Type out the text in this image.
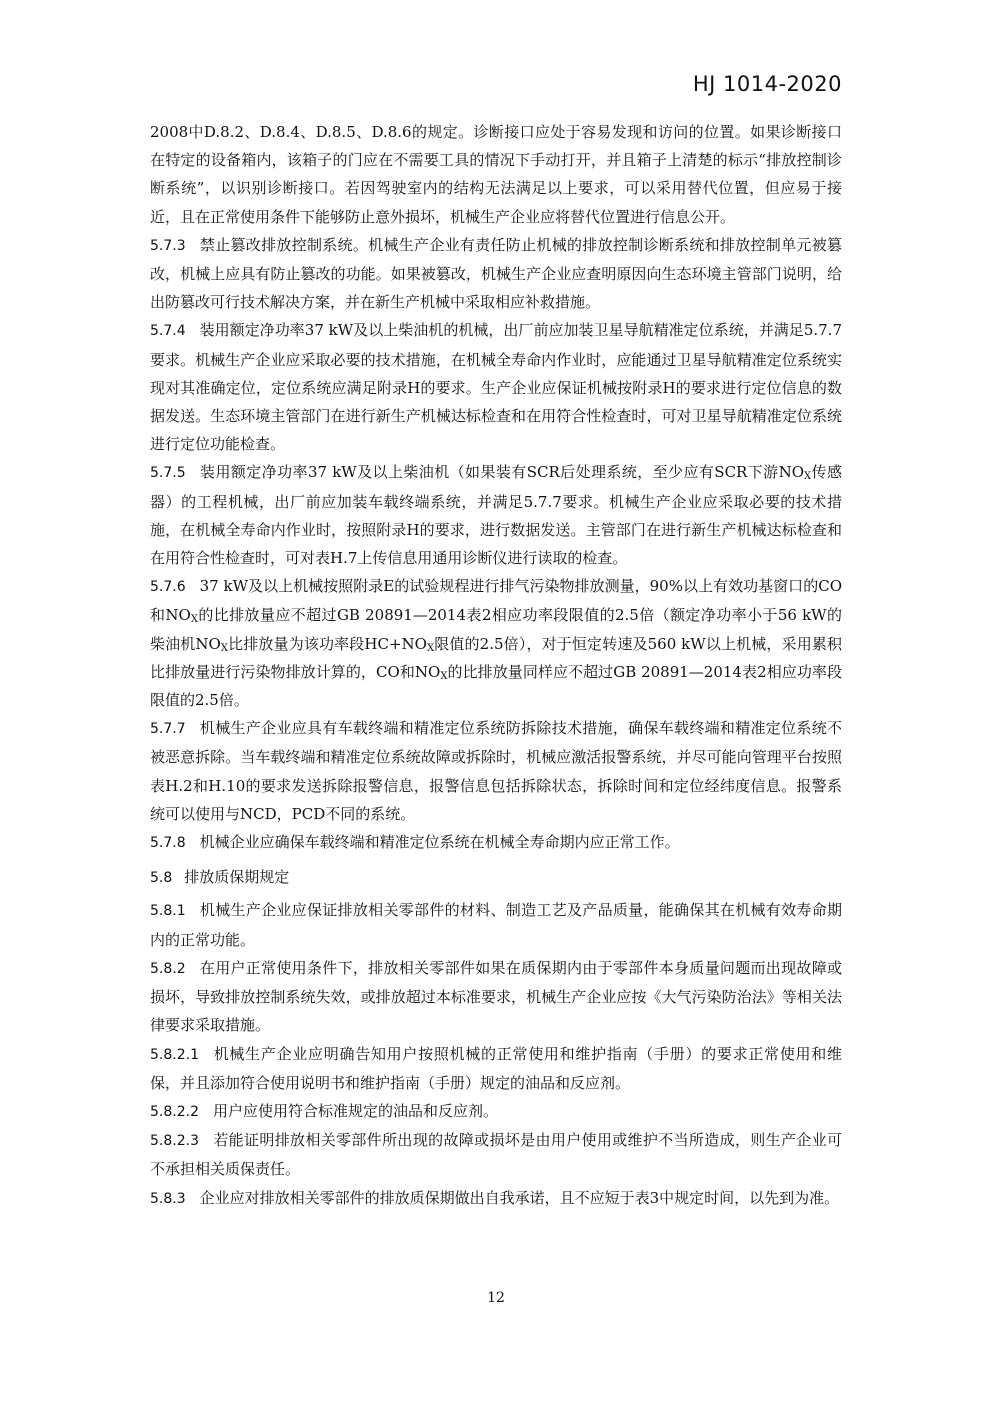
HJ 1014-2020

2008中D.8.2、D.8.4、D.8.5、D.8.6的规定。诊断接口应处于容易发现和访问的位置。如果诊断接口在特定的设备箱内，该箱子的门应在不需要工具的情况下手动打开，并且箱子上清楚的标示“排放控制诊断系统”，以识别诊断接口。若因驾驶室内的结构无法满足以上要求，可以采用替代位置，但应易于接近，且在正常使用条件下能够防止意外损坏，机械生产企业应将替代位置进行信息公开。

5.7.3 禁止篡改排放控制系统。机械生产企业有责任防止机械的排放控制诊断系统和排放控制单元被篡改，机械上应具有防止篡改的功能。如果被篡改，机械生产企业应查明原因向生态环境主管部门说明，给出防篡改可行技术解决方案，并在新生产机械中采取相应补救措施。

5.7.4 装用额定净功率37 kW及以上柴油机的机械，出厂前应加装卫星导航精准定位系统，并满足5.7.7要求。机械生产企业应采取必要的技术措施，在机械全寿命内作业时，应能通过卫星导航精准定位系统实现对其准确定位，定位系统应满足附录H的要求。生产企业应保证机械按附录H的要求进行定位信息的数据发送。生态环境主管部门在进行新生产机械达标检查和在用符合性检查时，可对卫星导航精准定位系统进行定位功能检查。

5.7.5 装用额定净功率37 kW及以上柴油机（如果装有SCR后处理系统，至少应有SCR下游$NO_X$传感器）的工程机械，出厂前应加装车载终端系统，并满足5.7.7要求。机械生产企业应采取必要的技术措施，在机械全寿命内作业时，按照附录H的要求，进行数据发送。主管部门在进行新生产机械达标检查和在用符合性检查时，可对表H.7上传信息用通用诊断仪进行读取的检查。

5.7.6 37 kW及以上机械按照附录E的试验规程进行排气污染物排放测量，90%以上有效功基窗口的CO和$NO_X$的比排放量应不超过GB 20891—2014表2相应功率段限值的2.5倍（额定净功率小于56 kW的柴油机$NO_X$比排放量为该功率段$HC+NO_X$限值的2.5倍），对于恒定转速及560 kW以上机械，采用累积比排放量进行污染物排放计算的，CO和$NO_X$的比排放量同样应不超过GB 20891—2014表2相应功率段限值的2.5倍。

5.7.7 机械生产企业应具有车载终端和精准定位系统防拆除技术措施，确保车载终端和精准定位系统不被恶意拆除。当车载终端和精准定位系统故障或拆除时，机械应激活报警系统，并尽可能向管理平台按照表H.2和H.10的要求发送拆除报警信息，报警信息包括拆除状态，拆除时间和定位经纬度信息。报警系统可以使用与NCD，PCD不同的系统。

5.7.8 机械企业应确保车载终端和精准定位系统在机械全寿命期内应正常工作。

5.8 排放质保期规定

5.8.1 机械生产企业应保证排放相关零部件的材料、制造工艺及产品质量，能确保其在机械有效寿命期内的正常功能。

5.8.2 在用户正常使用条件下，排放相关零部件如果在质保期内由于零部件本身质量问题而出现故障或损坏，导致排放控制系统失效，或排放超过本标准要求，机械生产企业应按《大气污染防治法》等相关法律要求采取措施。

5.8.2.1 机械生产企业应明确告知用户按照机械的正常使用和维护指南（手册）的要求正常使用和维保，并且添加符合使用说明书和维护指南（手册）规定的油品和反应剂。

5.8.2.2 用户应使用符合标准规定的油品和反应剂。

5.8.2.3 若能证明排放相关零部件所出现的故障或损坏是由用户使用或维护不当所造成，则生产企业可不承担相关质保责任。

5.8.3 企业应对排放相关零部件的排放质保期做出自我承诺，且不应短于表3中规定时间，以先到为准。

12
